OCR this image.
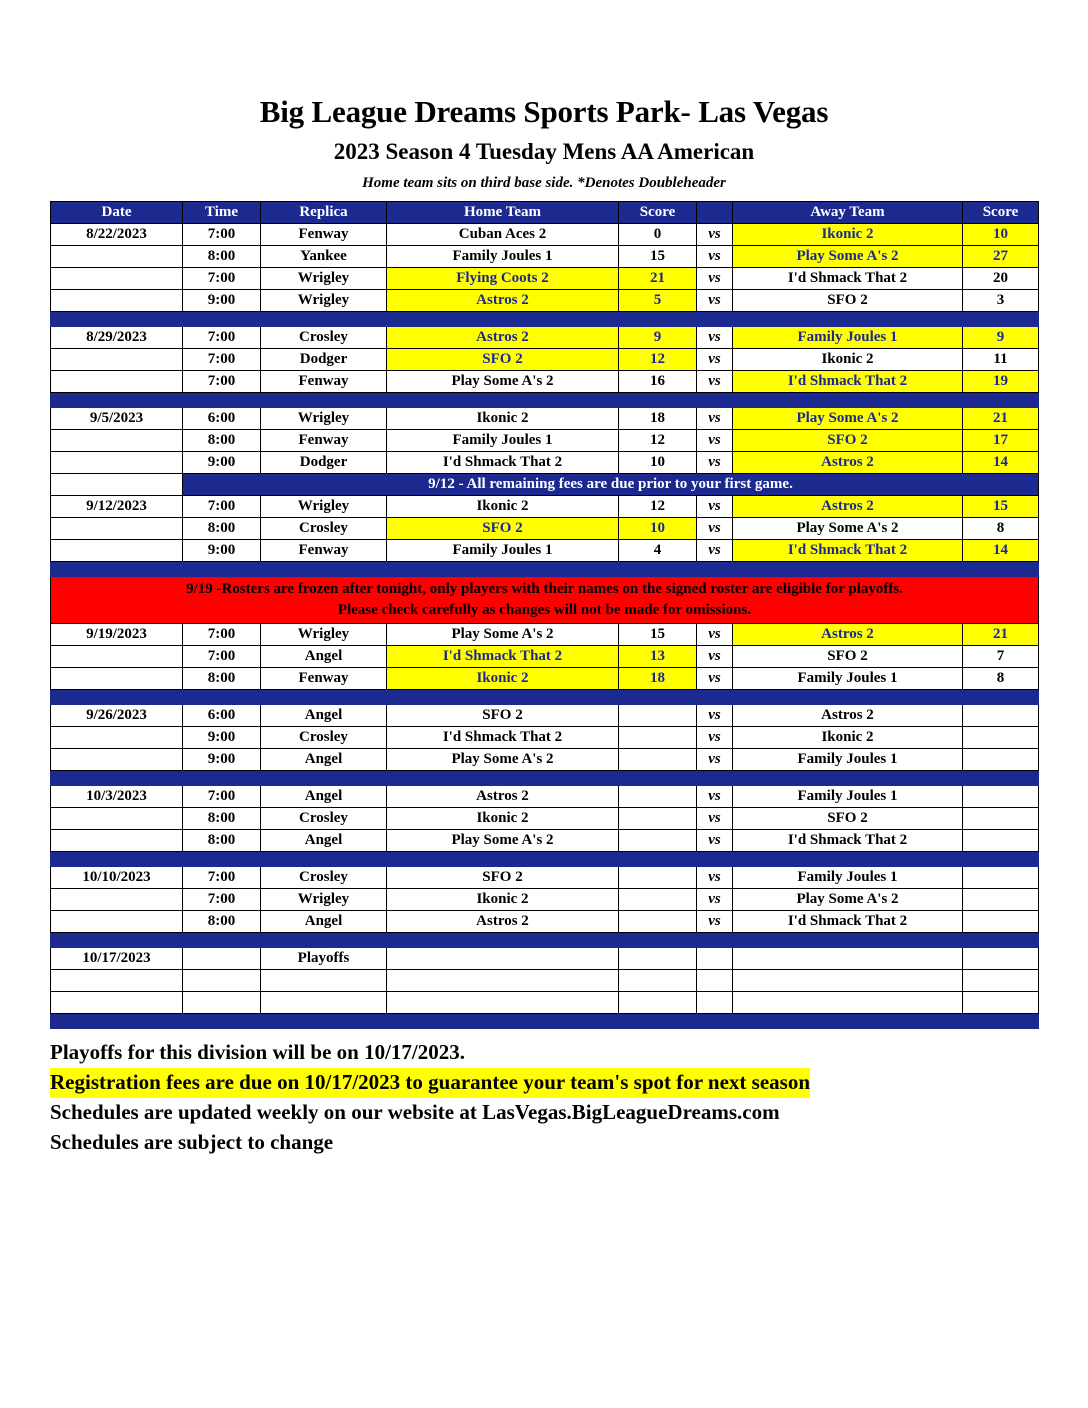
Big League Dreams Sports Park- Las Vegas
2023 Season 4 Tuesday Mens AA American
Home team sits on third base side. *Denotes Doubleheader
Date	Time	Replica	Home Team	Score		Away Team	Score
8/22/2023	7:00	Fenway	Cuban Aces 2	0	vs	Ikonic 2	10
	8:00	Yankee	Family Joules 1	15	vs	Play Some A's 2	27
	7:00	Wrigley	Flying Coots 2	21	vs	I'd Shmack That 2	20
	9:00	Wrigley	Astros 2	5	vs	SFO 2	3

8/29/2023	7:00	Crosley	Astros 2	9	vs	Family Joules 1	9
	7:00	Dodger	SFO 2	12	vs	Ikonic 2	11
	7:00	Fenway	Play Some A's 2	16	vs	I'd Shmack That 2	19

9/5/2023	6:00	Wrigley	Ikonic 2	18	vs	Play Some A's 2	21
	8:00	Fenway	Family Joules 1	12	vs	SFO 2	17
	9:00	Dodger	I'd Shmack That 2	10	vs	Astros 2	14
	9/12 - All remaining fees are due prior to your first game.						
9/12/2023	7:00	Wrigley	Ikonic 2	12	vs	Astros 2	15
	8:00	Crosley	SFO 2	10	vs	Play Some A's 2	8
	9:00	Fenway	Family Joules 1	4	vs	I'd Shmack That 2	14

9/19 -Rosters are frozen after tonight, only players with their names on the signed roster are eligible for playoffs.
Please check carefully as changes will not be made for omissions.							

9/19/2023	7:00	Wrigley	Play Some A's 2	15	vs	Astros 2	21
	7:00	Angel	I'd Shmack That 2	13	vs	SFO 2	7
	8:00	Fenway	Ikonic 2	18	vs	Family Joules 1	8

9/26/2023	6:00	Angel	SFO 2		vs	Astros 2	
	9:00	Crosley	I'd Shmack That 2		vs	Ikonic 2	
	9:00	Angel	Play Some A's 2		vs	Family Joules 1	

10/3/2023	7:00	Angel	Astros 2		vs	Family Joules 1	
	8:00	Crosley	Ikonic 2		vs	SFO 2	
	8:00	Angel	Play Some A's 2		vs	I'd Shmack That 2	

10/10/2023	7:00	Crosley	SFO 2		vs	Family Joules 1	
	7:00	Wrigley	Ikonic 2		vs	Play Some A's 2	
	8:00	Angel	Astros 2		vs	I'd Shmack That 2	

10/17/2023		Playoffs					

Playoffs for this division will be on 10/17/2023.
Registration fees are due on 10/17/2023 to guarantee your team's spot for next season
Schedules are updated weekly on our website at LasVegas.BigLeagueDreams.com
Schedules are subject to change
